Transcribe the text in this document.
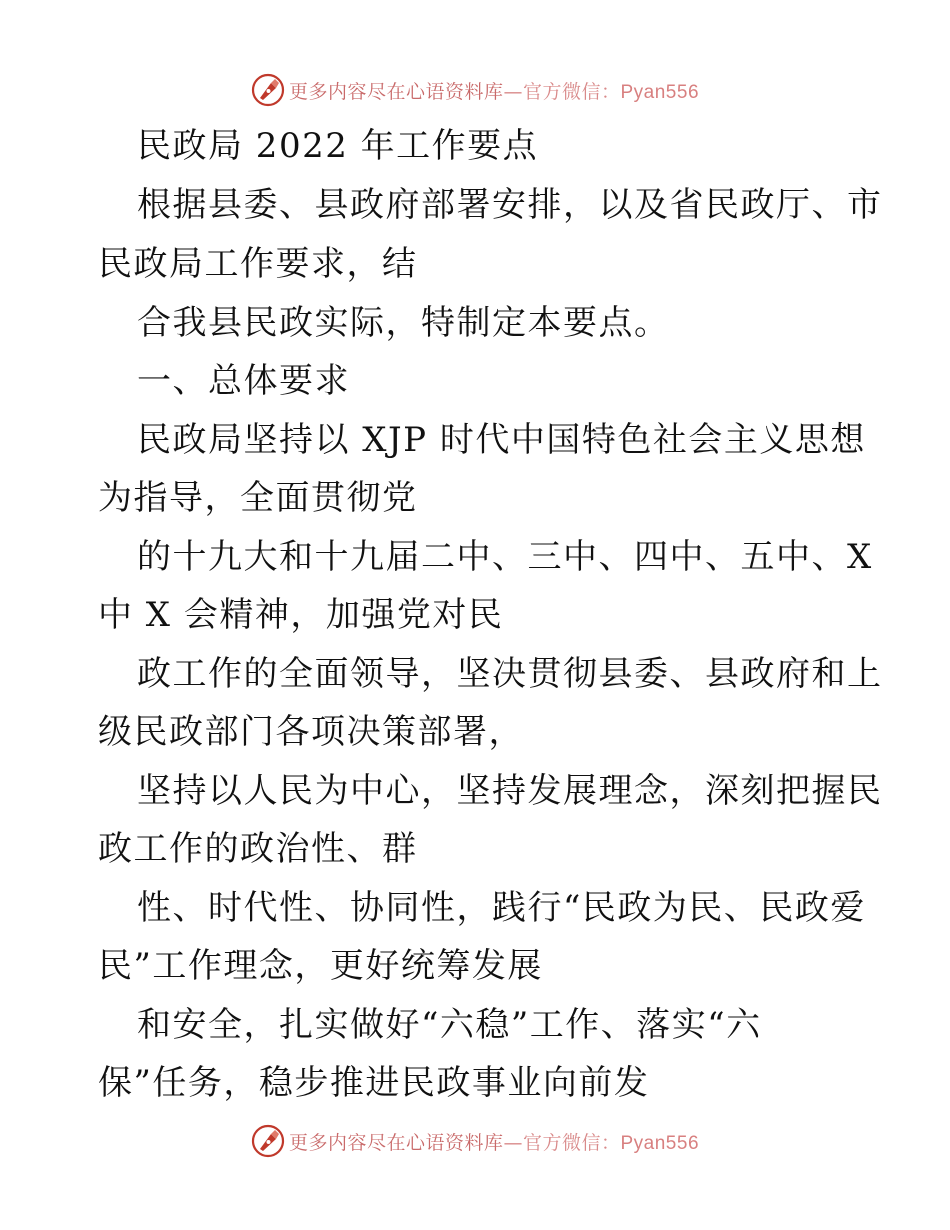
更多内容尽在心语资料库—官方微信：Pyan556
民政局 2022 年工作要点
根据县委、县政府部署安排，以及省民政厅、市
民政局工作要求，结
合我县民政实际，特制定本要点。
一、总体要求
民政局坚持以 XJP 时代中国特色社会主义思想
为指导，全面贯彻党
的十九大和十九届二中、三中、四中、五中、X
中 X 会精神，加强党对民
政工作的全面领导，坚决贯彻县委、县政府和上
级民政部门各项决策部署，
坚持以人民为中心，坚持发展理念，深刻把握民
政工作的政治性、群
性、时代性、协同性，践行“民政为民、民政爱
民”工作理念，更好统筹发展
和安全，扎实做好“六稳”工作、落实“六
保”任务，稳步推进民政事业向前发
更多内容尽在心语资料库—官方微信：Pyan556
